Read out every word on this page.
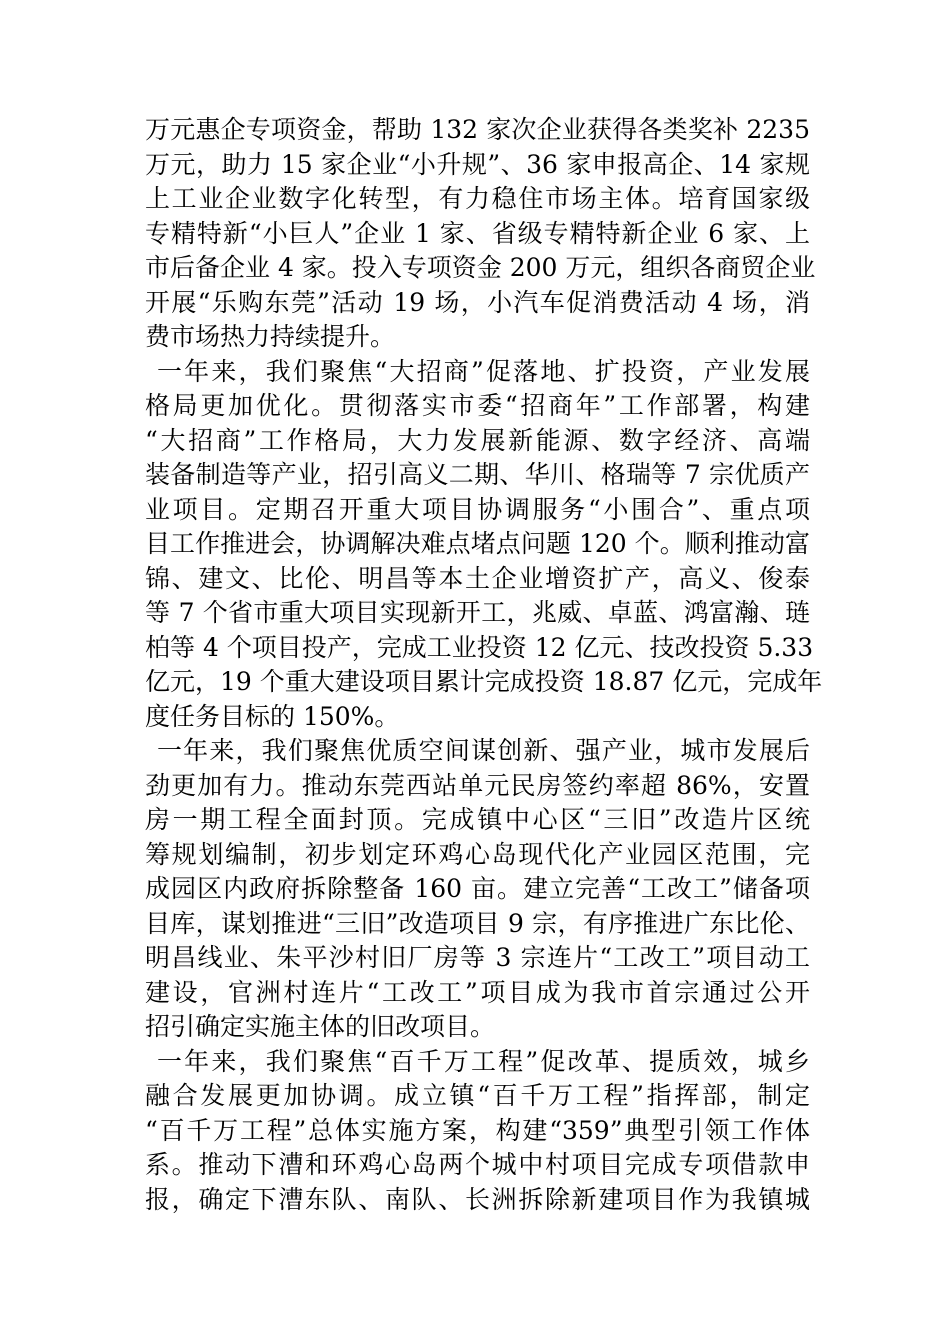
万元惠企专项资金，帮助 132 家次企业获得各类奖补 2235
万元，助力 15 家企业“小升规”、36 家申报高企、14 家规
上工业企业数字化转型，有力稳住市场主体。培育国家级
专精特新“小巨人”企业 1 家、省级专精特新企业 6 家、上
市后备企业 4 家。投入专项资金 200 万元，组织各商贸企业
开展“乐购东莞”活动 19 场，小汽车促消费活动 4 场，消
费市场热力持续提升。
一年来，我们聚焦“大招商”促落地、扩投资，产业发展
格局更加优化。贯彻落实市委“招商年”工作部署，构建
“大招商”工作格局，大力发展新能源、数字经济、高端
装备制造等产业，招引高义二期、华川、格瑞等 7 宗优质产
业项目。定期召开重大项目协调服务“小围合”、重点项
目工作推进会，协调解决难点堵点问题 120 个。顺利推动富
锦、建文、比伦、明昌等本土企业增资扩产，高义、俊泰
等 7 个省市重大项目实现新开工，兆威、卓蓝、鸿富瀚、琏
柏等 4 个项目投产，完成工业投资 12 亿元、技改投资 5.33
亿元，19 个重大建设项目累计完成投资 18.87 亿元，完成年
度任务目标的 150%。
一年来，我们聚焦优质空间谋创新、强产业，城市发展后
劲更加有力。推动东莞西站单元民房签约率超 86%，安置
房一期工程全面封顶。完成镇中心区“三旧”改造片区统
筹规划编制，初步划定环鸡心岛现代化产业园区范围，完
成园区内政府拆除整备 160 亩。建立完善“工改工”储备项
目库，谋划推进“三旧”改造项目 9 宗，有序推进广东比伦、
明昌线业、朱平沙村旧厂房等 3 宗连片“工改工”项目动工
建设，官洲村连片“工改工”项目成为我市首宗通过公开
招引确定实施主体的旧改项目。
一年来，我们聚焦“百千万工程”促改革、提质效，城乡
融合发展更加协调。成立镇“百千万工程”指挥部，制定
“百千万工程”总体实施方案，构建“359”典型引领工作体
系。推动下漕和环鸡心岛两个城中村项目完成专项借款申
报，确定下漕东队、南队、长洲拆除新建项目作为我镇城
